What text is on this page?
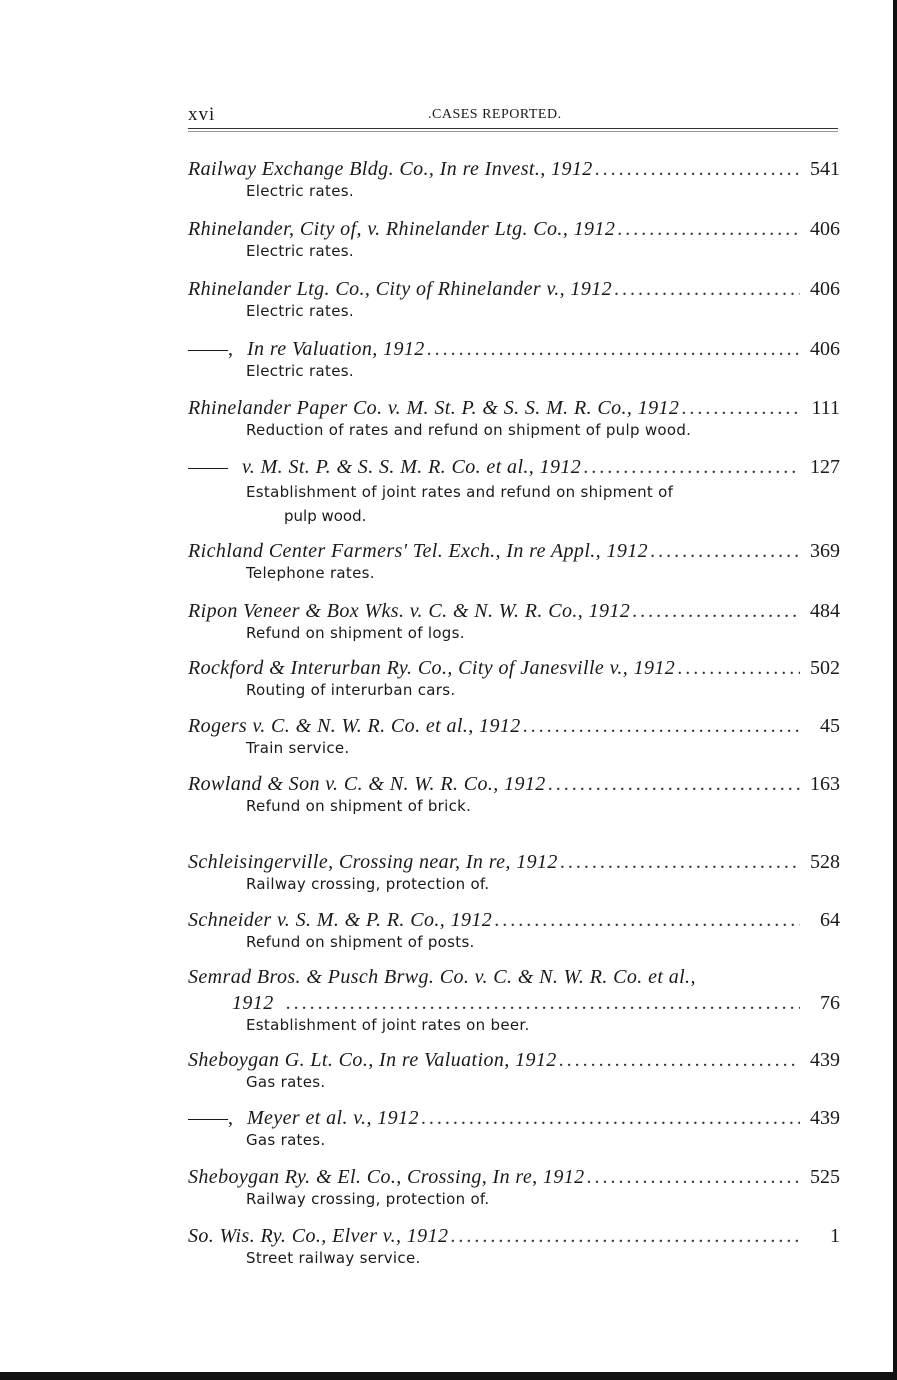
xvi	.CASES REPORTED.
Railway Exchange Bldg. Co., In re Invest., 1912 .....	541
Electric rates.
Rhinelander, City of, v. Rhinelander Ltg. Co., 1912 .....	406
Electric rates.
Rhinelander Ltg. Co., City of Rhinelander v., 1912 .....	406
Electric rates.
——, In re Valuation, 1912 .....	406
Electric rates.
Rhinelander Paper Co. v. M. St. P. & S. S. M. R. Co., 1912 .....	111
Reduction of rates and refund on shipment of pulp wood.
—— v. M. St. P. & S. S. M. R. Co. et al., 1912 .....	127
Establishment of joint rates and refund on shipment of
pulp wood.
Richland Center Farmers' Tel. Exch., In re Appl., 1912 .....	369
Telephone rates.
Ripon Veneer & Box Wks. v. C. & N. W. R. Co., 1912 .....	484
Refund on shipment of logs.
Rockford & Interurban Ry. Co., City of Janesville v., 1912 .....	502
Routing of interurban cars.
Rogers v. C. & N. W. R. Co. et al., 1912 .....	45
Train service.
Rowland & Son v. C. & N. W. R. Co., 1912 .....	163
Refund on shipment of brick.
Schleisingerville, Crossing near, In re, 1912 .....	528
Railway crossing, protection of.
Schneider v. S. M. & P. R. Co., 1912 .....	64
Refund on shipment of posts.
Semrad Bros. & Pusch Brwg. Co. v. C. & N. W. R. Co. et al.,
1912 .....	76
Establishment of joint rates on beer.
Sheboygan G. Lt. Co., In re Valuation, 1912 .....	439
Gas rates.
——, Meyer et al. v., 1912 .....	439
Gas rates.
Sheboygan Ry. & El. Co., Crossing, In re, 1912 .....	525
Railway crossing, protection of.
So. Wis. Ry. Co., Elver v., 1912 .....	1
Street railway service.
